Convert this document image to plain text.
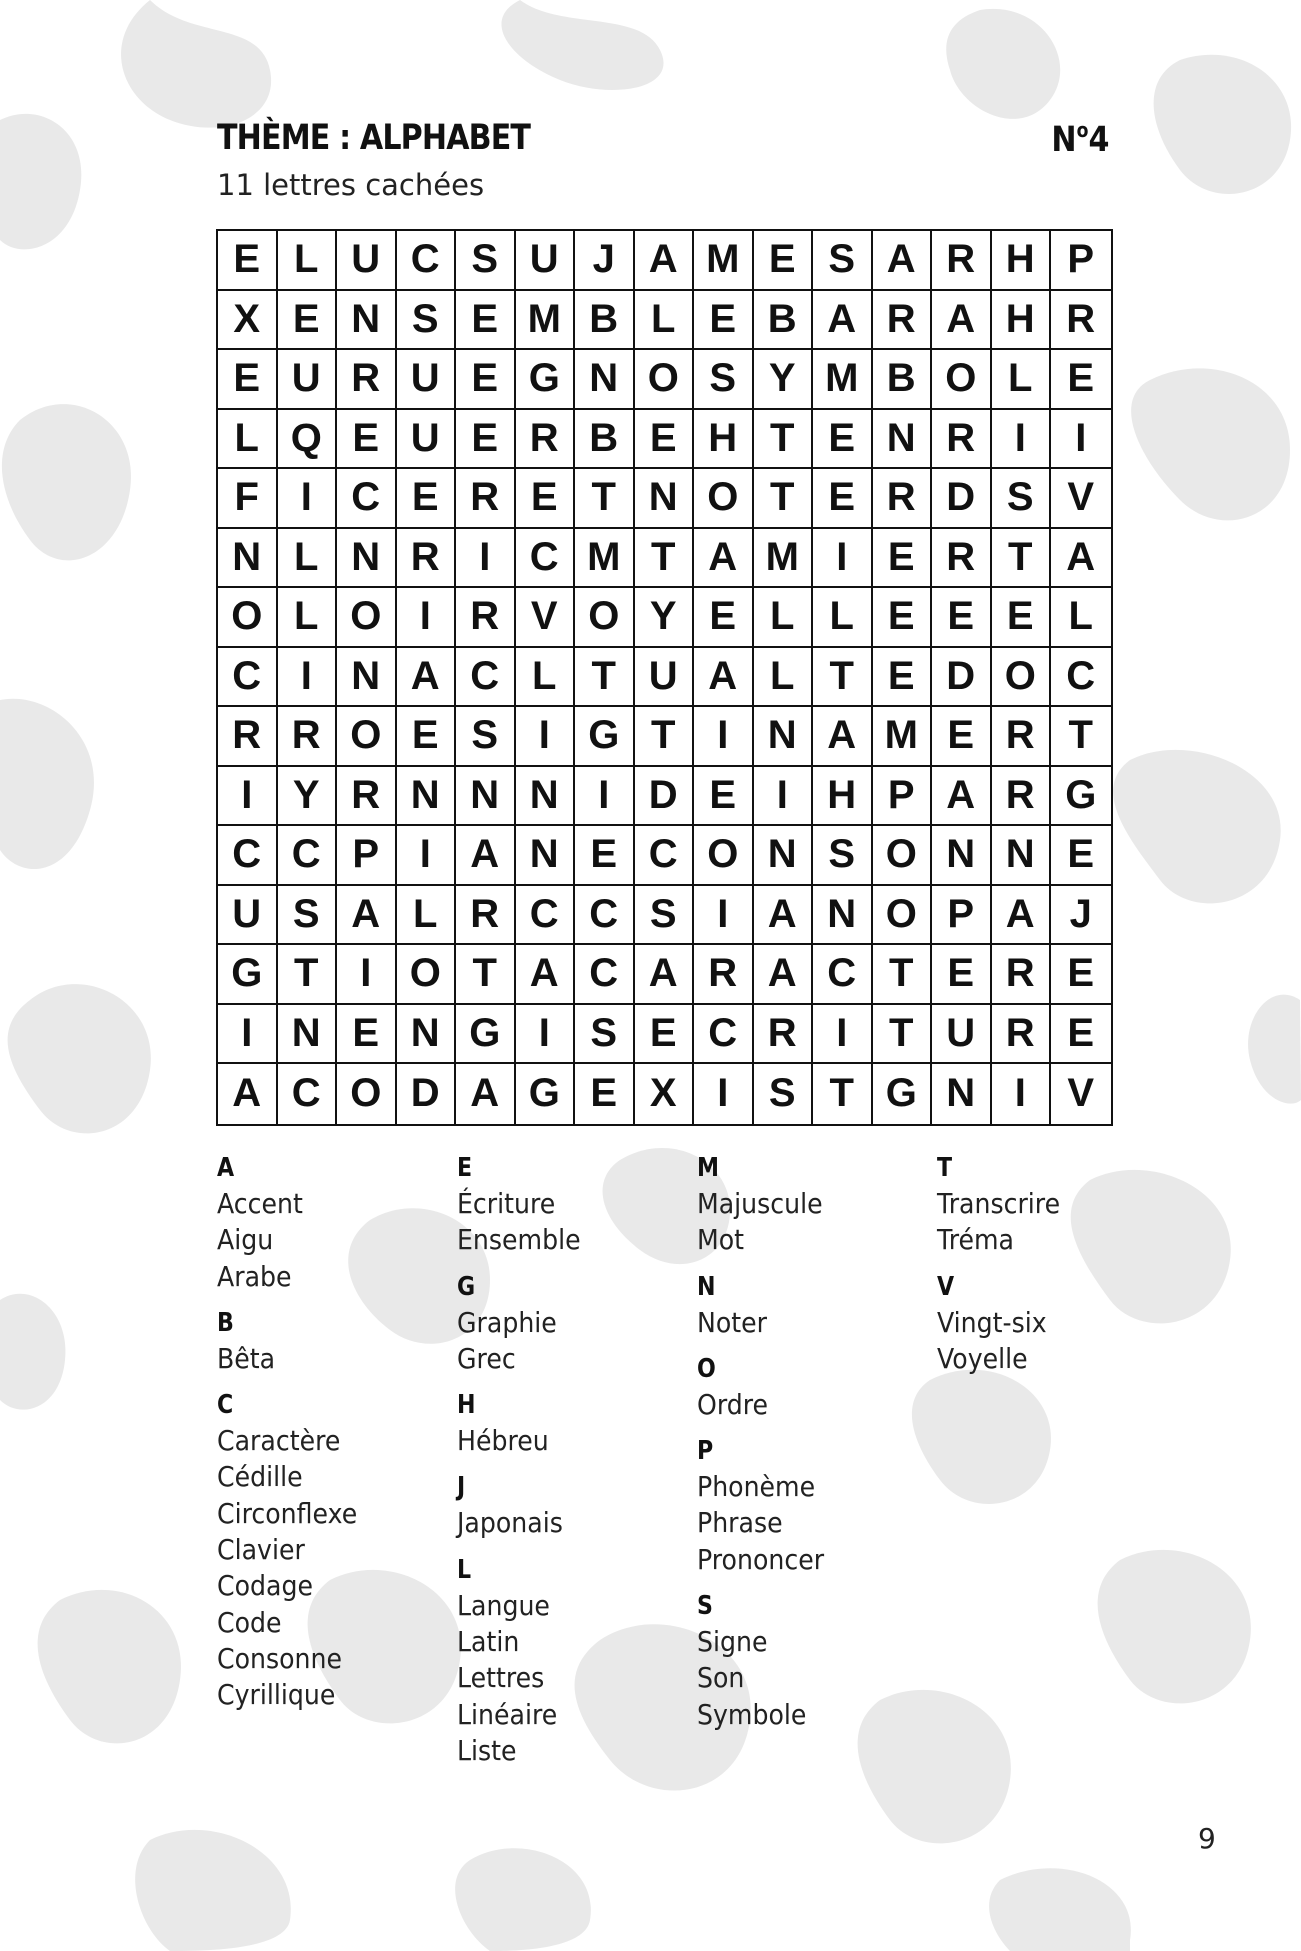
THÈME : ALPHABET	$N^o4$
11 lettres cachées
E L U C S U J A M E S A R H P
X E N S E M B L E B A R A H R
E U R U E G N O S Y M B O L E
L Q E U E R B E H T E N R I	I
F	I C E R E T N O T E R D S V
N L N R I C M T A M I	E R T A
O L O I R V O Y E L L E E E L
C I N A C L T U A L T E D O C
R R O E S	I G T	I N A M E R T
I	Y R N N N I D E	I H P A R G
C C P	I A N E C O N S O N N E
U S A L R C C S	I A N O P A J
G T	I O T A C A R A C T E R E
I N E N G I	S E C R I	T U R E
A C O D A G E X	I	S T G N I	V
A
Accent
Aigu
Arabe
B
Bêta
C
Caractère
Cédille
Circonflexe
Clavier
Codage
Code
Consonne
Cyrillique
E
Écriture
Ensemble
G
Graphie
Grec
H
Hébreu
J
Japonais
L
Langue
Latin
Lettres
Linéaire
Liste
M
Majuscule
Mot
N
Noter
O
Ordre
P
Phonème
Phrase
Prononcer
S
Signe
Son
Symbole
T
Transcrire
Tréma
V
Vingt-six
Voyelle
9
